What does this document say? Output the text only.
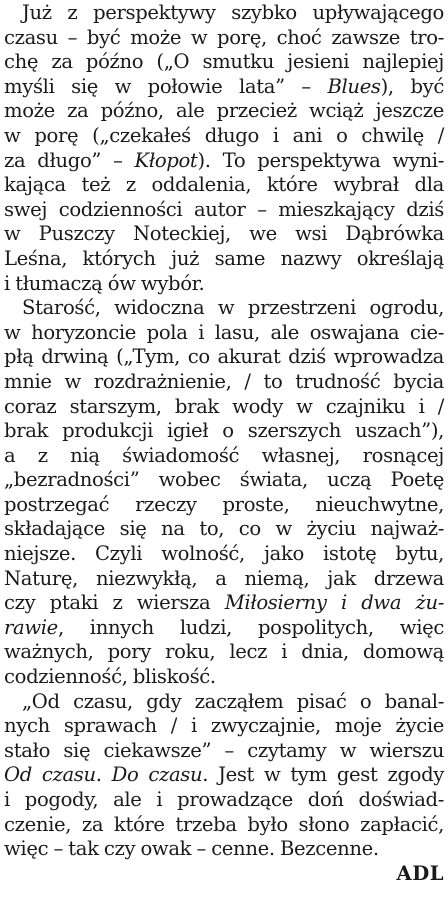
Już z perspektywy szybko upływającego
czasu – być może w porę, choć zawsze tro-
chę za późno („O smutku jesieni najlepiej
myśli się w połowie lata” – Blues), być
może za późno, ale przecież wciąż jeszcze
w porę („czekałeś długo i ani o chwilę /
za długo” – Kłopot). To perspektywa wyni-
kająca też z oddalenia, które wybrał dla
swej codzienności autor – mieszkający dziś
w Puszczy Noteckiej, we wsi Dąbrówka
Leśna, których już same nazwy określają
i tłumaczą ów wybór.
Starość, widoczna w przestrzeni ogrodu,
w horyzoncie pola i lasu, ale oswajana cie-
płą drwiną („Tym, co akurat dziś wprowadza
mnie w rozdrażnienie, / to trudność bycia
coraz starszym, brak wody w czajniku i /
brak produkcji igieł o szerszych uszach”),
a z nią świadomość własnej, rosnącej
„bezradności” wobec świata, uczą Poetę
postrzegać rzeczy proste, nieuchwytne,
składające się na to, co w życiu najważ-
niejsze. Czyli wolność, jako istotę bytu,
Naturę, niezwykłą, a niemą, jak drzewa
czy ptaki z wiersza Miłosierny i dwa żu-
rawie, innych ludzi, pospolitych, więc
ważnych, pory roku, lecz i dnia, domową
codzienność, bliskość.
„Od czasu, gdy zacząłem pisać o banal-
nych sprawach / i zwyczajnie, moje życie
stało się ciekawsze” – czytamy w wierszu
Od czasu. Do czasu. Jest w tym gest zgody
i pogody, ale i prowadzące doń doświad-
czenie, za które trzeba było słono zapłacić,
więc – tak czy owak – cenne. Bezcenne.
ADL
